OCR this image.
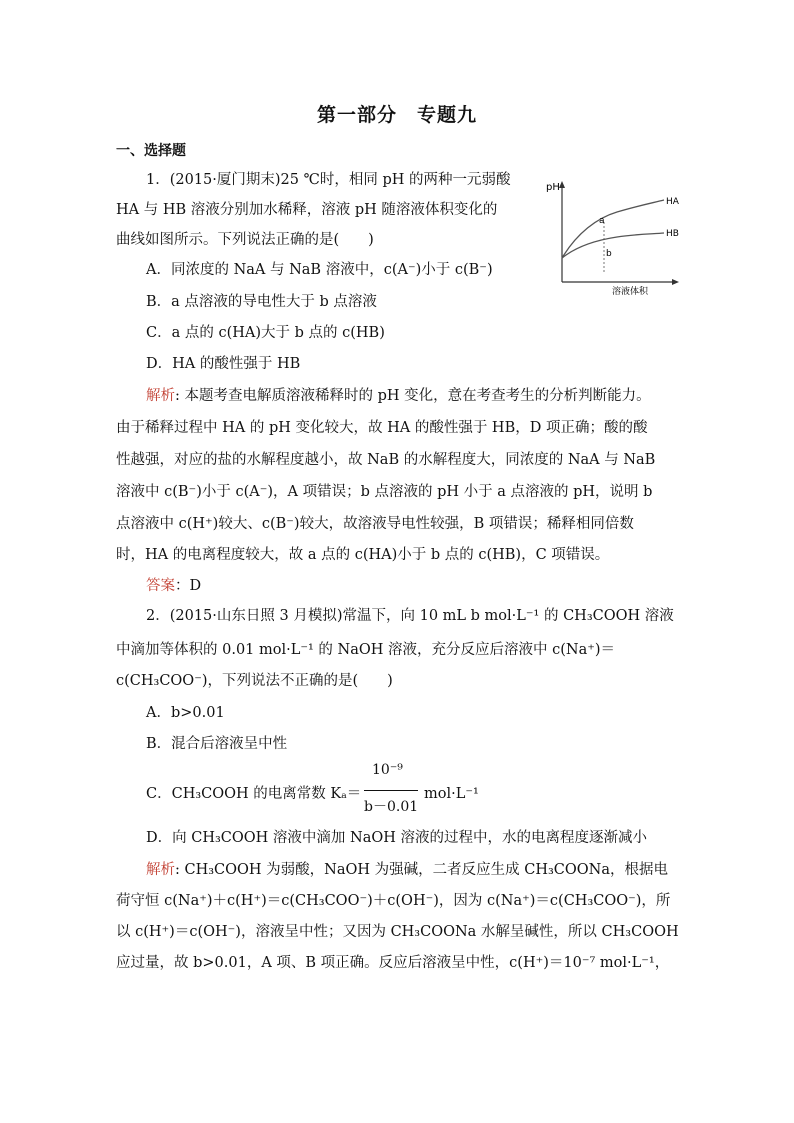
第一部分　专题九
一、选择题
1．(2015·厦门期末)25 ℃时，相同 pH 的两种一元弱酸
HA 与 HB 溶液分别加水稀释，溶液 pH 随溶液体积变化的
曲线如图所示。下列说法正确的是(　　)
A．同浓度的 NaA 与 NaB 溶液中，c(A⁻)小于 c(B⁻)
B．a 点溶液的导电性大于 b 点溶液
C．a 点的 c(HA)大于 b 点的 c(HB)
D．HA 的酸性强于 HB
解析: 本题考查电解质溶液稀释时的 pH 变化，意在考查考生的分析判断能力。
由于稀释过程中 HA 的 pH 变化较大，故 HA 的酸性强于 HB，D 项正确；酸的酸
性越强，对应的盐的水解程度越小，故 NaB 的水解程度大，同浓度的 NaA 与 NaB
溶液中 c(B⁻)小于 c(A⁻)，A 项错误；b 点溶液的 pH 小于 a 点溶液的 pH，说明 b
点溶液中 c(H⁺)较大、c(B⁻)较大，故溶液导电性较强，B 项错误；稀释相同倍数
时，HA 的电离程度较大，故 a 点的 c(HA)小于 b 点的 c(HB)，C 项错误。
答案：D
pH
溶液体积
HA
HB
a
b
2．(2015·山东日照 3 月模拟)常温下，向 10 mL b mol·L⁻¹ 的 CH₃COOH 溶液
中滴加等体积的 0.01 mol·L⁻¹ 的 NaOH 溶液，充分反应后溶液中 c(Na⁺)＝
c(CH₃COO⁻)，下列说法不正确的是(　　)
A．b>0.01
B．混合后溶液呈中性
C．CH₃COOH 的电离常数 Kₐ＝
10⁻⁹
b－0.01
mol·L⁻¹
D．向 CH₃COOH 溶液中滴加 NaOH 溶液的过程中，水的电离程度逐渐减小
解析: CH₃COOH 为弱酸，NaOH 为强碱，二者反应生成 CH₃COONa，根据电
荷守恒 c(Na⁺)＋c(H⁺)＝c(CH₃COO⁻)＋c(OH⁻)，因为 c(Na⁺)＝c(CH₃COO⁻)，所
以 c(H⁺)＝c(OH⁻)，溶液呈中性；又因为 CH₃COONa 水解呈碱性，所以 CH₃COOH
应过量，故 b>0.01，A 项、B 项正确。反应后溶液呈中性，c(H⁺)＝10⁻⁷ mol·L⁻¹，
